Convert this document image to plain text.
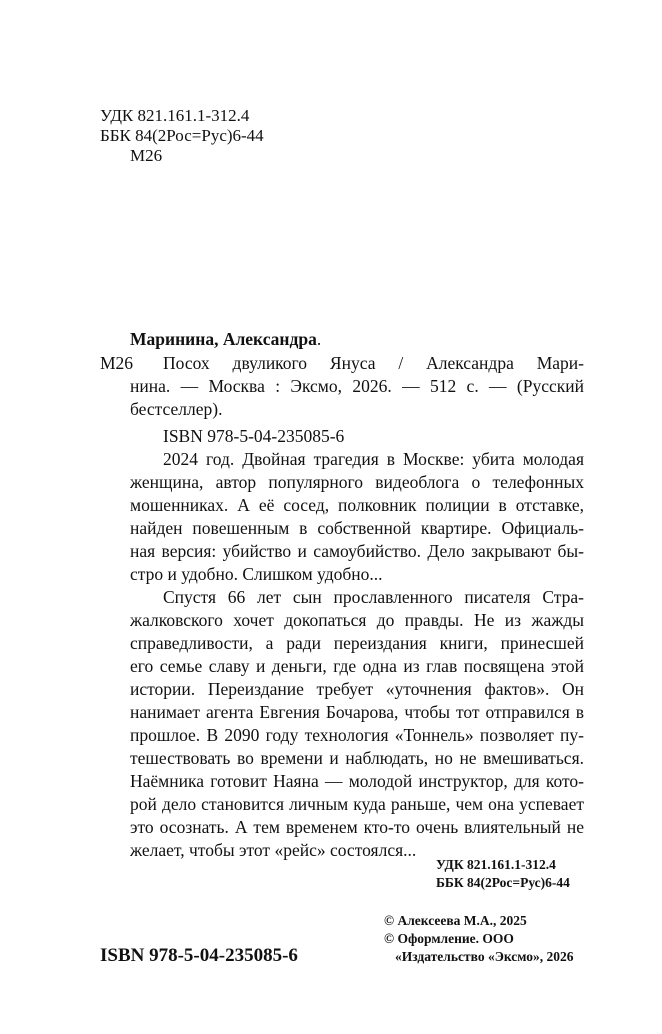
УДК 821.161.1-312.4
ББК 84(2Рос=Рус)6-44
М26
Маринина, Александра.
М26 Посох двуликого Януса / Александра Мари-
нина. — Москва : Эксмо, 2026. — 512 с. — (Русский
бестселлер).
ISBN 978-5-04-235085-6
2024 год. Двойная трагедия в Москве: убита молодая
женщина, автор популярного видеоблога о телефонных
мошенниках. А её сосед, полковник полиции в отставке,
найден повешенным в собственной квартире. Официаль-
ная версия: убийство и самоубийство. Дело закрывают бы-
стро и удобно. Слишком удобно...
Спустя 66 лет сын прославленного писателя Стра-
жалковского хочет докопаться до правды. Не из жажды
справедливости, а ради переиздания книги, принесшей
его семье славу и деньги, где одна из глав посвящена этой
истории. Переиздание требует «уточнения фактов». Он
нанимает агента Евгения Бочарова, чтобы тот отправился в
прошлое. В 2090 году технология «Тоннель» позволяет пу-
тешествовать во времени и наблюдать, но не вмешиваться.
Наёмника готовит Наяна — молодой инструктор, для кото-
рой дело становится личным куда раньше, чем она успевает
это осознать. А тем временем кто-то очень влиятельный не
желает, чтобы этот «рейс» состоялся...
УДК 821.161.1-312.4
ББК 84(2Рос=Рус)6-44
ISBN 978-5-04-235085-6
© Алексеева М.А., 2025
© Оформление. ООО
«Издательство «Эксмо», 2026
